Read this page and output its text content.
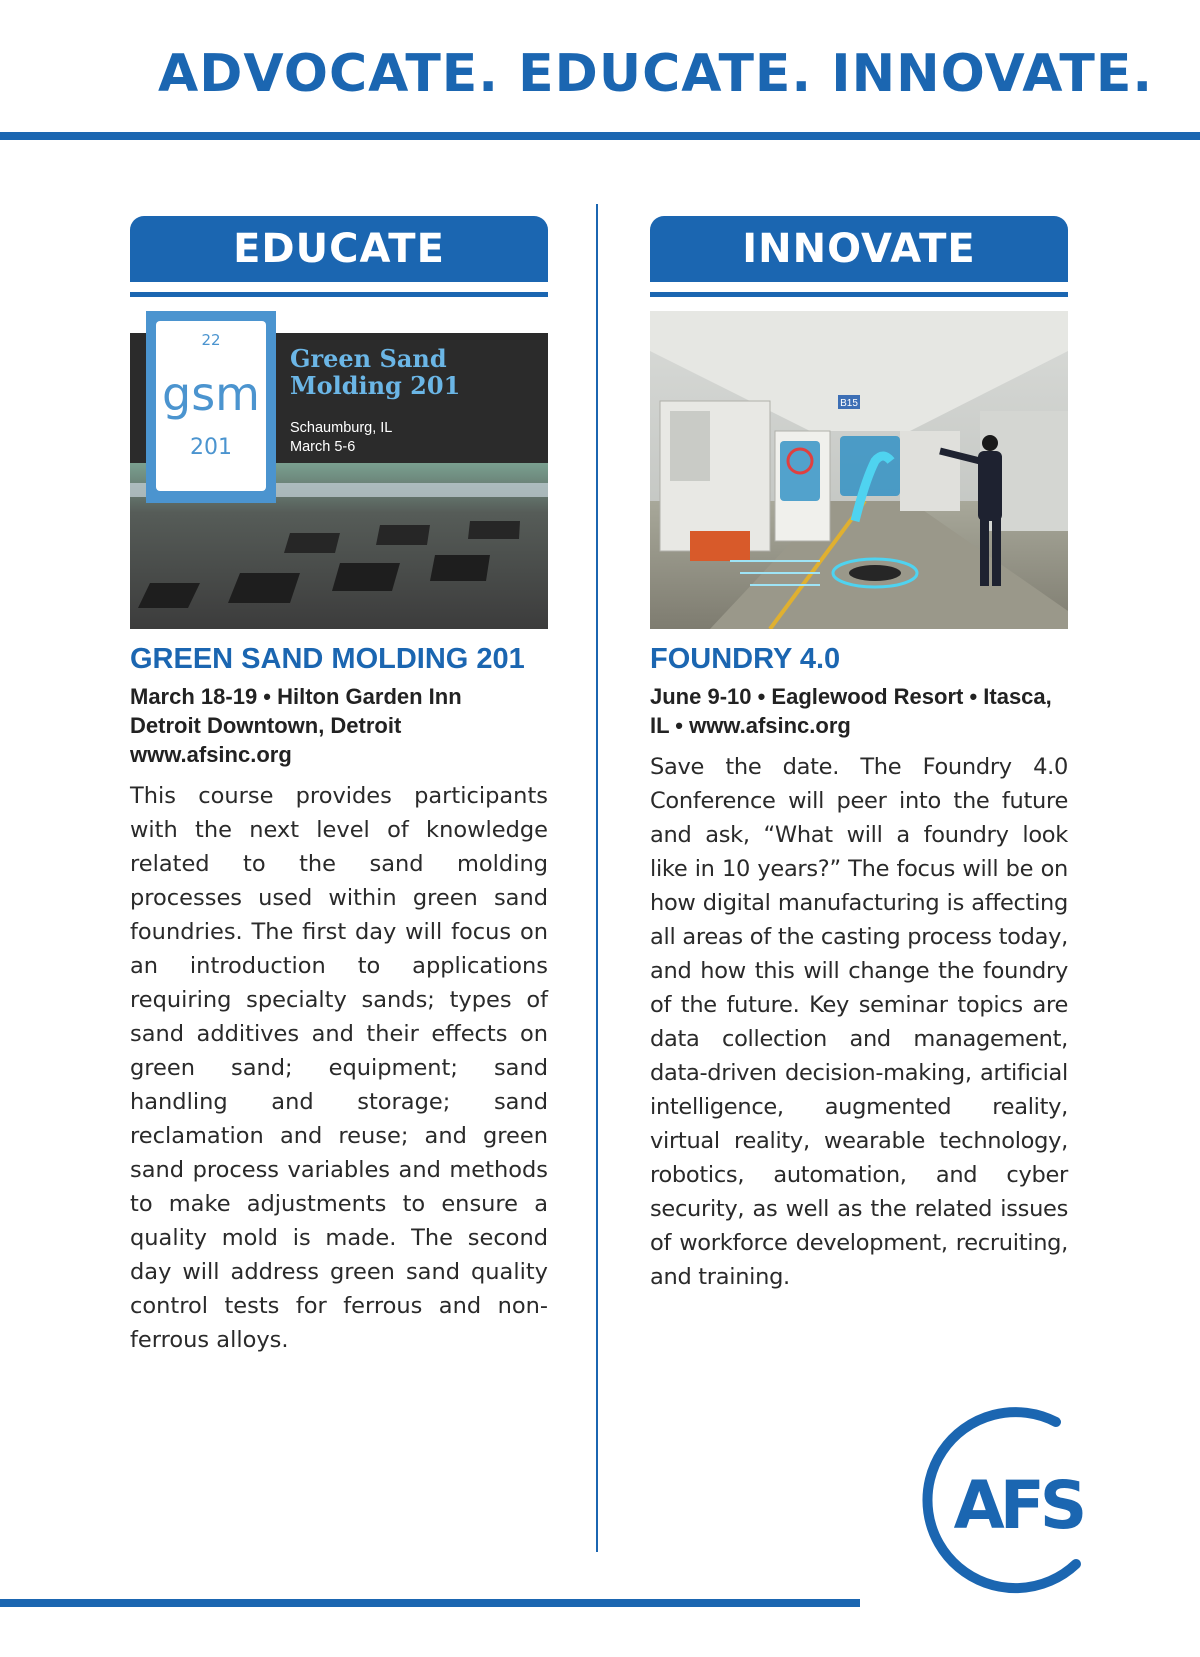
ADVOCATE. EDUCATE. INNOVATE.
EDUCATE
22
gsm
201
Green Sand
Molding 201
Schaumburg, IL
March 5-6
GREEN SAND MOLDING 201
March 18-19 • Hilton Garden Inn
Detroit Downtown, Detroit
www.afsinc.org
This course provides participants with the next level of knowledge related to the sand molding processes used within green sand foundries. The first day will focus on an introduction to applications requiring specialty sands; types of sand additives and their effects on green sand; equipment; sand handling and storage; sand reclamation and reuse; and green sand process variables and methods to make adjustments to ensure a quality mold is made. The second day will address green sand quality control tests for ferrous and non-ferrous alloys.
INNOVATE
B15
FOUNDRY 4.0
June 9-10 • Eaglewood Resort • Itasca,
IL • www.afsinc.org
Save the date. The Foundry 4.0 Conference will peer into the future and ask, “What will a foundry look like in 10 years?” The focus will be on how digital manufacturing is affecting all areas of the casting process today, and how this will change the foundry of the future. Key seminar topics are data collection and management, data-driven decision-making, artificial intelligence, augmented reality, virtual reality, wearable technology, robotics, automation, and cyber security, as well as the related issues of workforce development, recruiting, and training.
AFS
